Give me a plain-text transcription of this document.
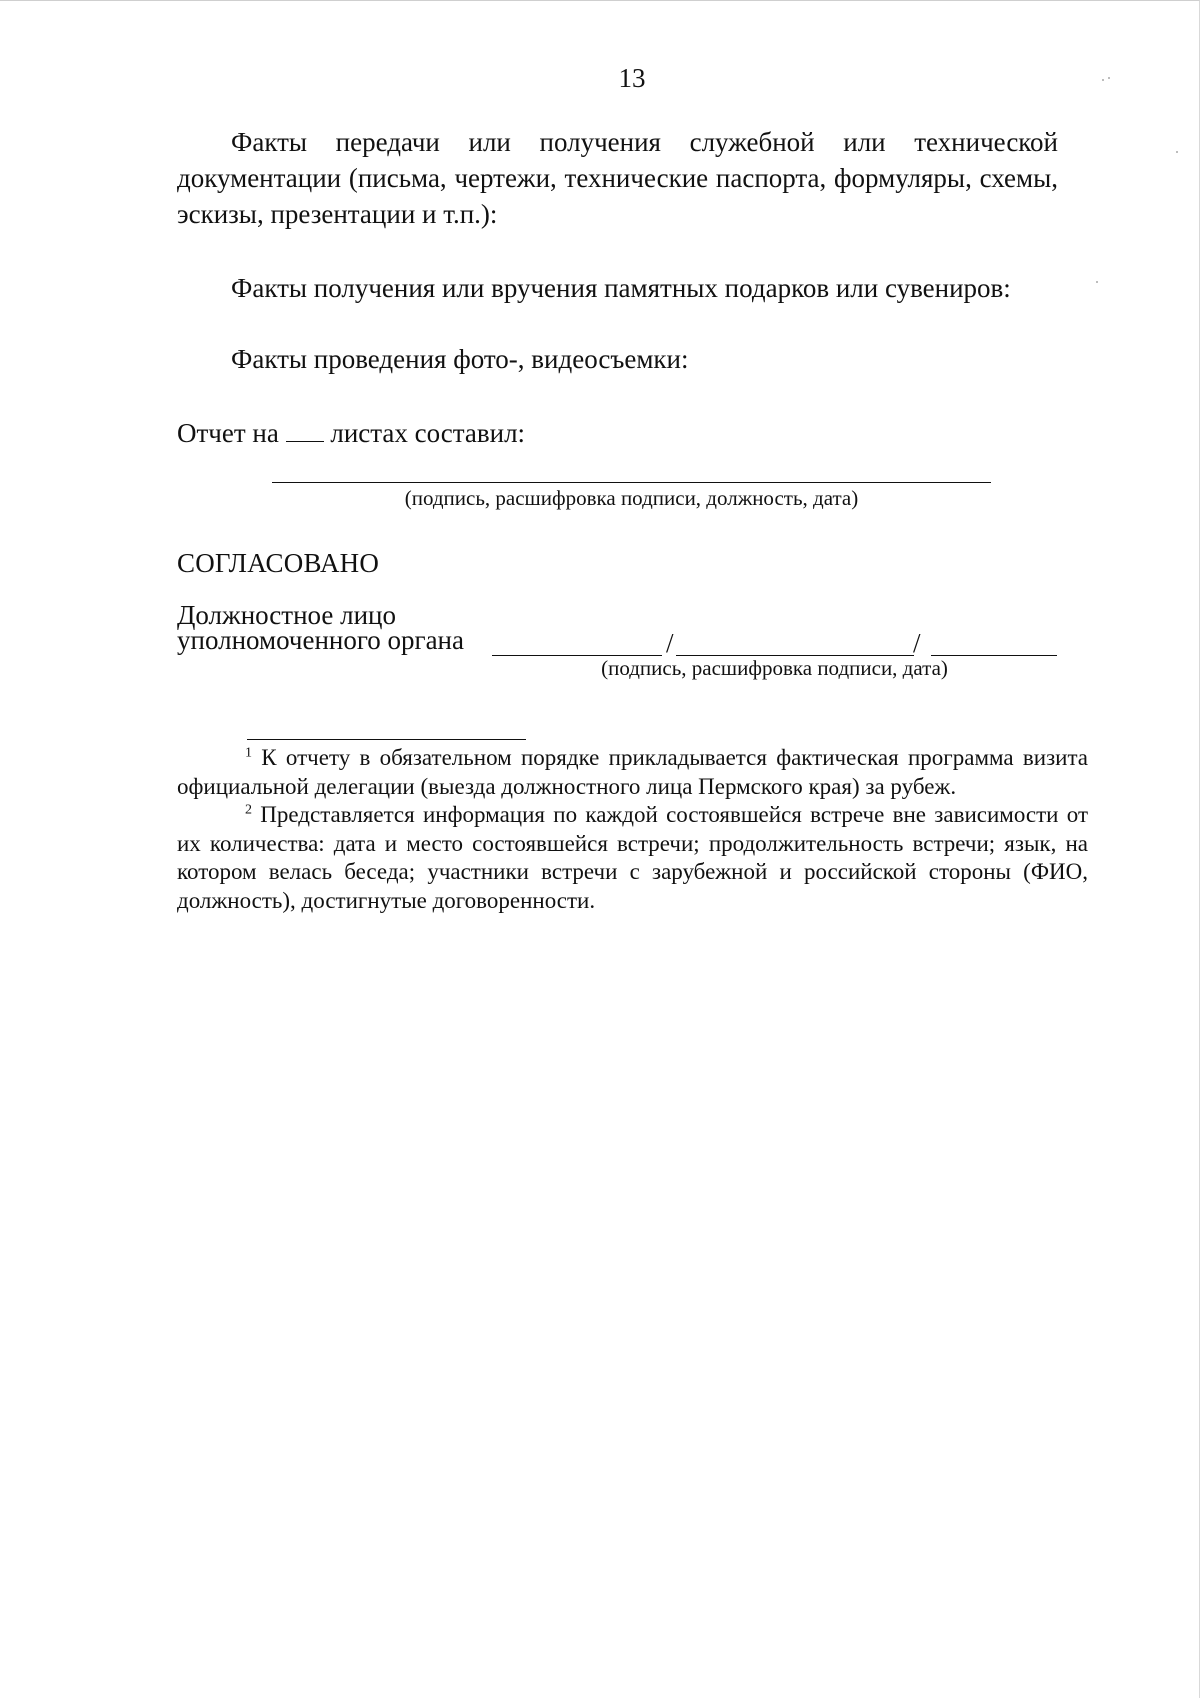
13
Факты передачи или получения служебной или технической документации (письма, чертежи, технические паспорта, формуляры, схемы, эскизы, презентации и т.п.):
Факты получения или вручения памятных подарков или сувениров:
Факты проведения фото-, видеосъемки:
Отчет на листах составил:
(подпись, расшифровка подписи, должность, дата)
СОГЛАСОВАНО
Должностное лицо
уполномоченного органа	/	/
(подпись, расшифровка подписи, дата)
$^1$ К отчету в обязательном порядке прикладывается фактическая программа визита официальной делегации (выезда должностного лица Пермского края) за рубеж.
$^2$ Представляется информация по каждой состоявшейся встрече вне зависимости от их количества: дата и место состоявшейся встречи; продолжительность встречи; язык, на котором велась беседа; участники встречи с зарубежной и российской стороны (ФИО, должность), достигнутые договоренности.
